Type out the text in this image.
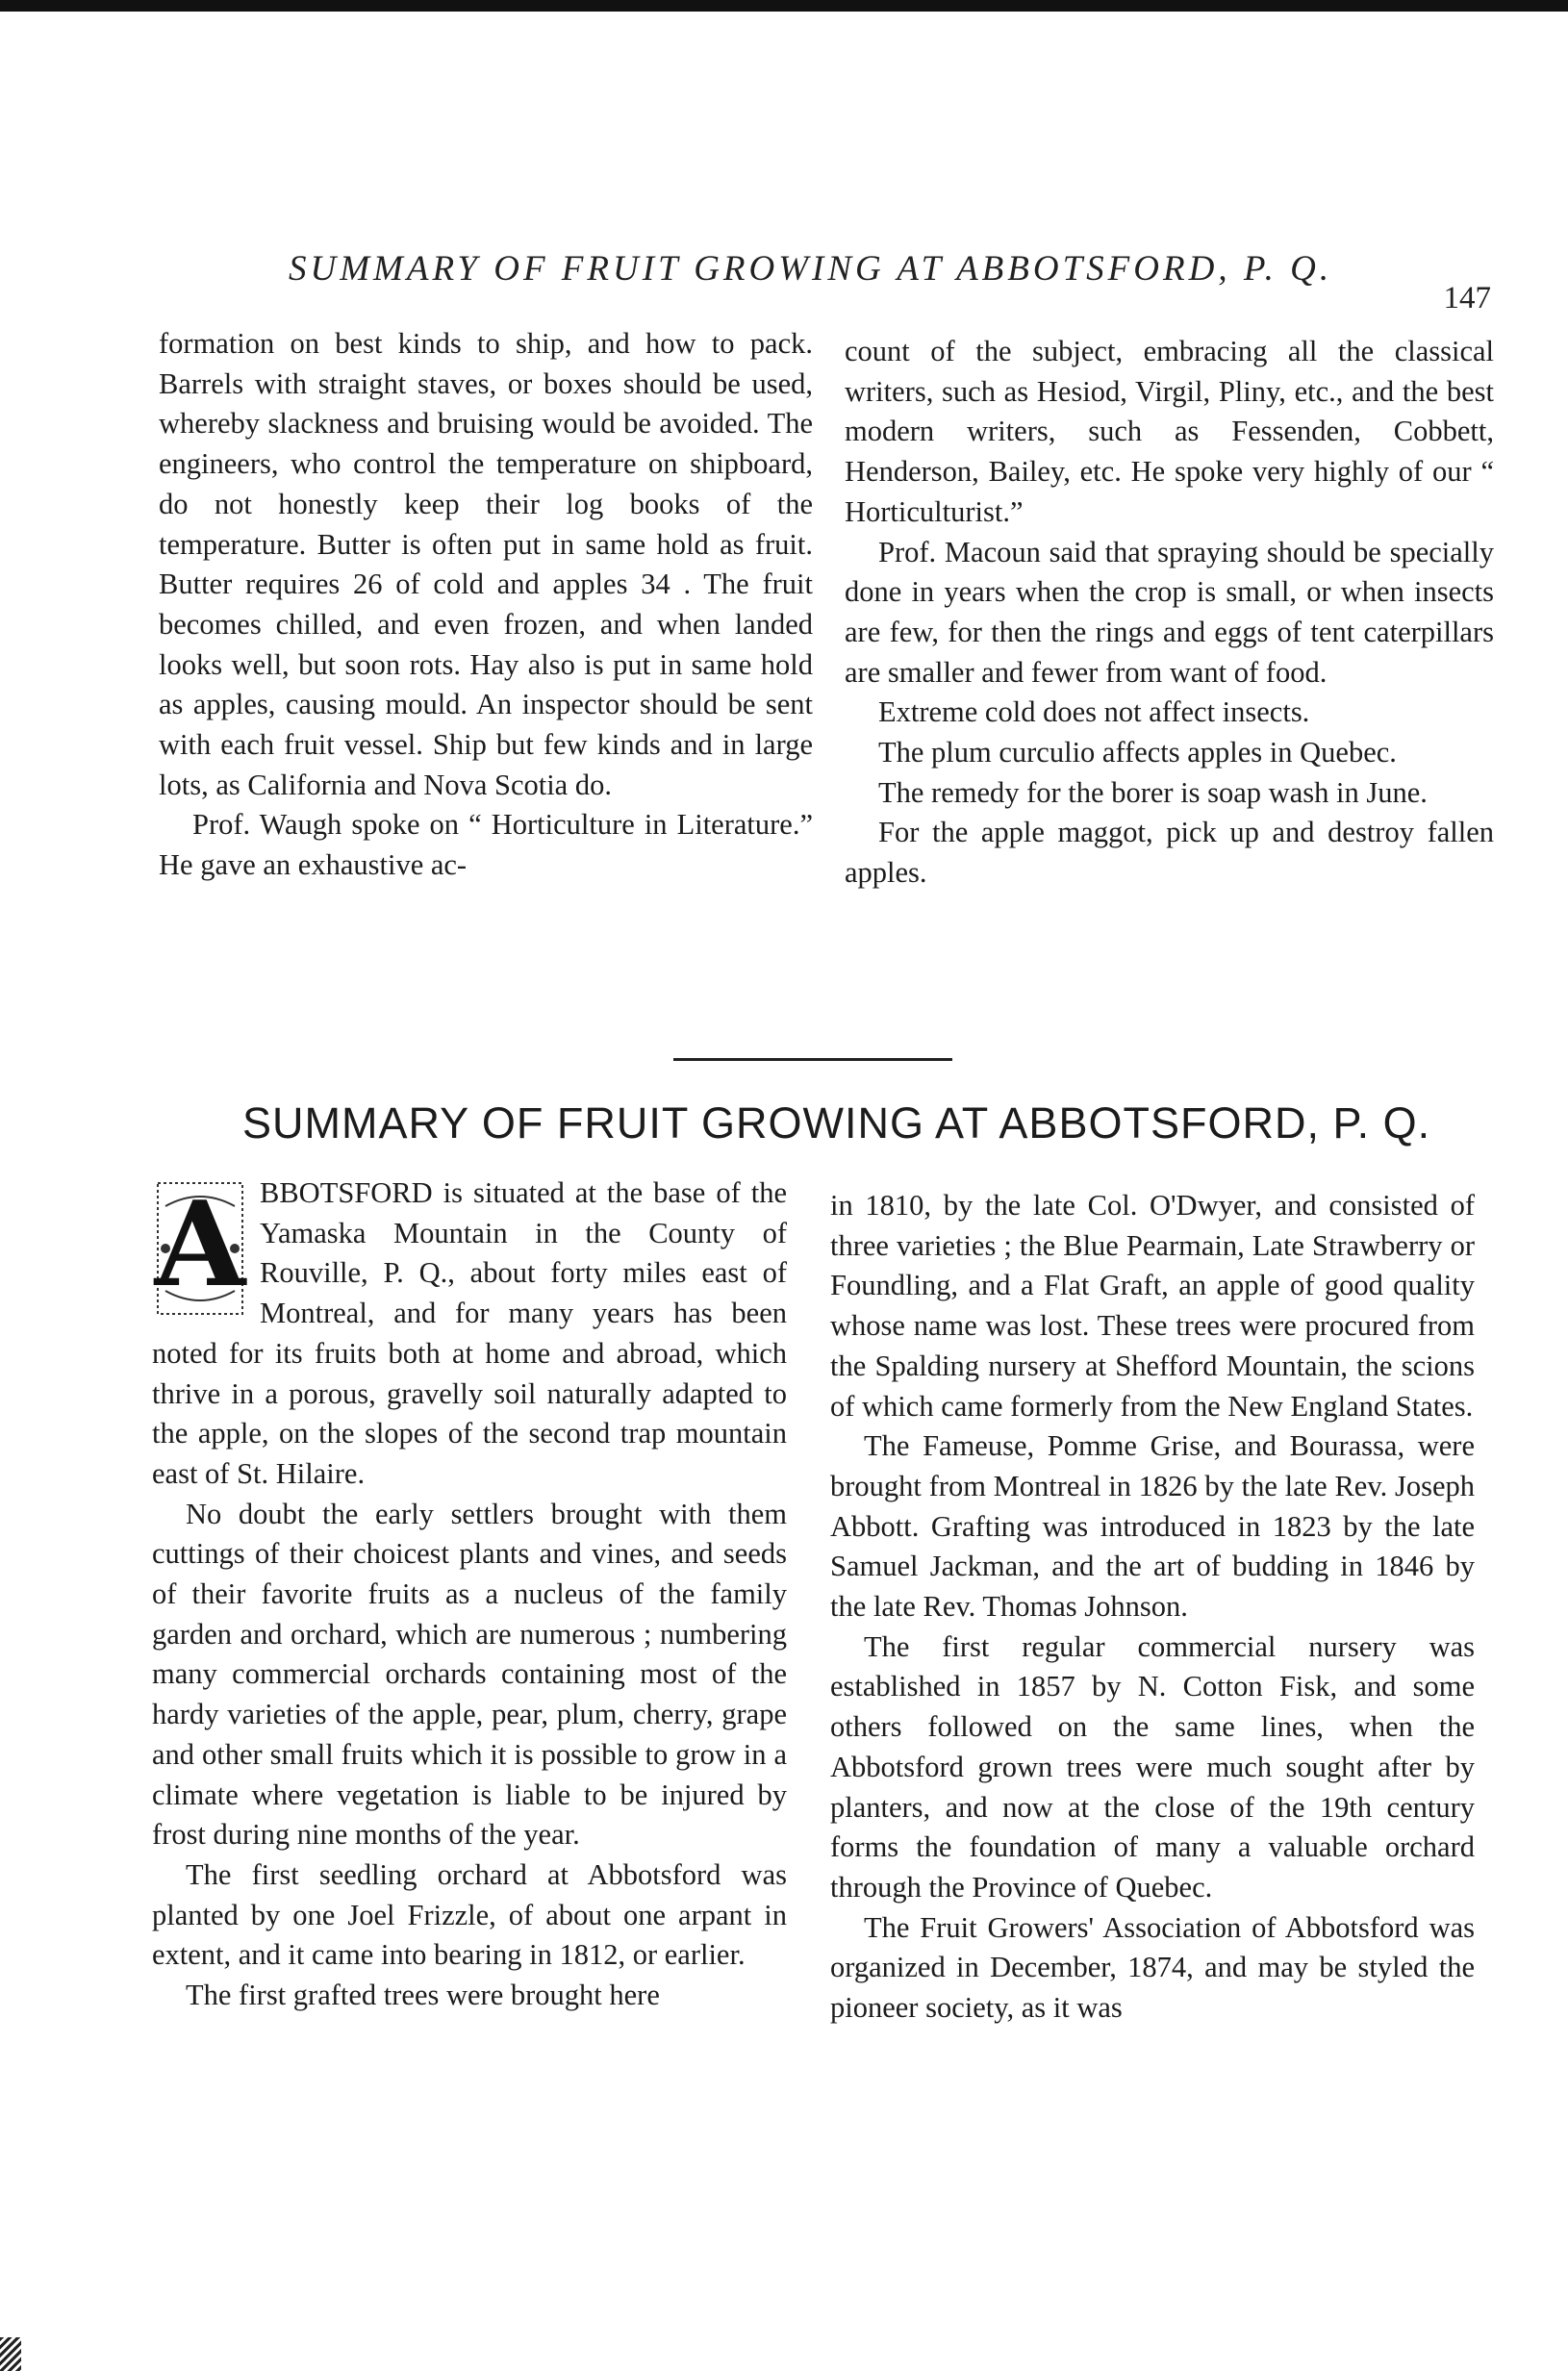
SUMMARY OF FRUIT GROWING AT ABBOTSFORD, P. Q.
147

formation on best kinds to ship, and how to pack. Barrels with straight staves, or boxes should be used, whereby slackness and bruising would be avoided. The engineers, who control the temperature on shipboard, do not honestly keep their log books of the temperature. Butter is often put in same hold as fruit. Butter requires 26 of cold and apples 34 . The fruit becomes chilled, and even frozen, and when landed looks well, but soon rots. Hay also is put in same hold as apples, causing mould. An inspector should be sent with each fruit vessel. Ship but few kinds and in large lots, as California and Nova Scotia do.

Prof. Waugh spoke on “ Horticulture in Literature.” He gave an exhaustive ac-

count of the subject, embracing all the classical writers, such as Hesiod, Virgil, Pliny, etc., and the best modern writers, such as Fessenden, Cobbett, Henderson, Bailey, etc. He spoke very highly of our “ Horticulturist.”

Prof. Macoun said that spraying should be specially done in years when the crop is small, or when insects are few, for then the rings and eggs of tent caterpillars are smaller and fewer from want of food.

Extreme cold does not affect insects.

The plum curculio affects apples in Quebec.

The remedy for the borer is soap wash in June.

For the apple maggot, pick up and destroy fallen apples.

SUMMARY OF FRUIT GROWING AT ABBOTSFORD, P. Q.

A BBOTSFORD is situated at the base of the Yamaska Mountain in the County of Rouville, P. Q., about forty miles east of Montreal, and for many years has been noted for its fruits both at home and abroad, which thrive in a porous, gravelly soil naturally adapted to the apple, on the slopes of the second trap mountain east of St. Hilaire.

No doubt the early settlers brought with them cuttings of their choicest plants and vines, and seeds of their favorite fruits as a nucleus of the family garden and orchard, which are numerous ; numbering many commercial orchards containing most of the hardy varieties of the apple, pear, plum, cherry, grape and other small fruits which it is possible to grow in a climate where vegetation is liable to be injured by frost during nine months of the year.

The first seedling orchard at Abbotsford was planted by one Joel Frizzle, of about one arpant in extent, and it came into bearing in 1812, or earlier.

The first grafted trees were brought here

in 1810, by the late Col. O'Dwyer, and consisted of three varieties ; the Blue Pearmain, Late Strawberry or Foundling, and a Flat Graft, an apple of good quality whose name was lost. These trees were procured from the Spalding nursery at Shefford Mountain, the scions of which came formerly from the New England States.

The Fameuse, Pomme Grise, and Bourassa, were brought from Montreal in 1826 by the late Rev. Joseph Abbott. Grafting was introduced in 1823 by the late Samuel Jackman, and the art of budding in 1846 by the late Rev. Thomas Johnson.

The first regular commercial nursery was established in 1857 by N. Cotton Fisk, and some others followed on the same lines, when the Abbotsford grown trees were much sought after by planters, and now at the close of the 19th century forms the foundation of many a valuable orchard through the Province of Quebec.

The Fruit Growers' Association of Abbotsford was organized in December, 1874, and may be styled the pioneer society, as it was
